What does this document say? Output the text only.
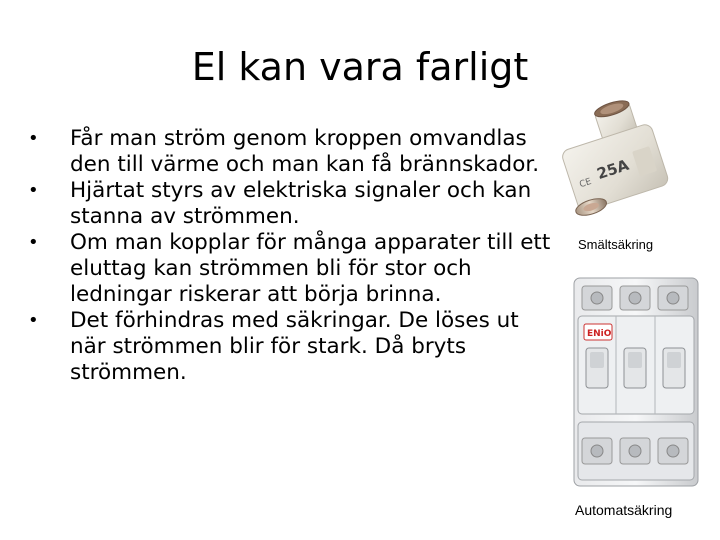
El kan vara farligt
• Får man ström genom kroppen omvandlas den till värme och man kan få brännskador.
• Hjärtat styrs av elektriska signaler och kan stanna av strömmen.
• Om man kopplar för många apparater till ett eluttag kan strömmen bli för stor och ledningar riskerar att börja brinna.
• Det förhindras med säkringar. De löses ut när strömmen blir för stark. Då bryts strömmen.
25A
CE
Smältsäkring
ENiO
Automatsäkring
